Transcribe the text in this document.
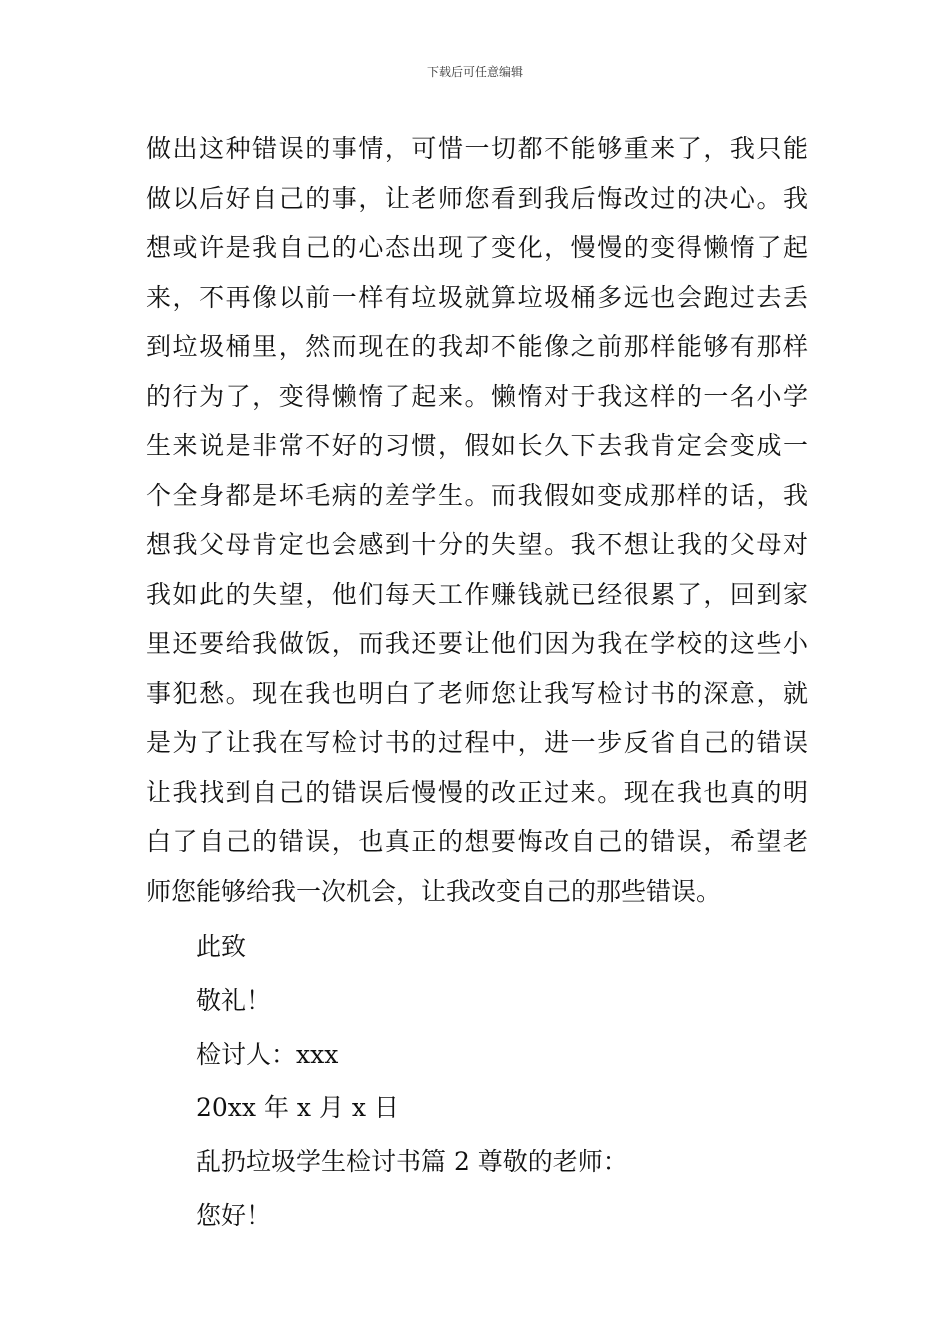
下载后可任意编辑
做出这种错误的事情，可惜一切都不能够重来了，我只能
做以后好自己的事，让老师您看到我后悔改过的决心。我
想或许是我自己的心态出现了变化，慢慢的变得懒惰了起
来，不再像以前一样有垃圾就算垃圾桶多远也会跑过去丢
到垃圾桶里，然而现在的我却不能像之前那样能够有那样
的行为了，变得懒惰了起来。懒惰对于我这样的一名小学
生来说是非常不好的习惯，假如长久下去我肯定会变成一
个全身都是坏毛病的差学生。而我假如变成那样的话，我
想我父母肯定也会感到十分的失望。我不想让我的父母对
我如此的失望，他们每天工作赚钱就已经很累了，回到家
里还要给我做饭，而我还要让他们因为我在学校的这些小
事犯愁。现在我也明白了老师您让我写检讨书的深意，就
是为了让我在写检讨书的过程中，进一步反省自己的错误
让我找到自己的错误后慢慢的改正过来。现在我也真的明
白了自己的错误，也真正的想要悔改自己的错误，希望老
师您能够给我一次机会，让我改变自己的那些错误。
此致
敬礼！
检讨人：xxx
20xx 年 x 月 x 日
乱扔垃圾学生检讨书篇 2 尊敬的老师：
您好！
